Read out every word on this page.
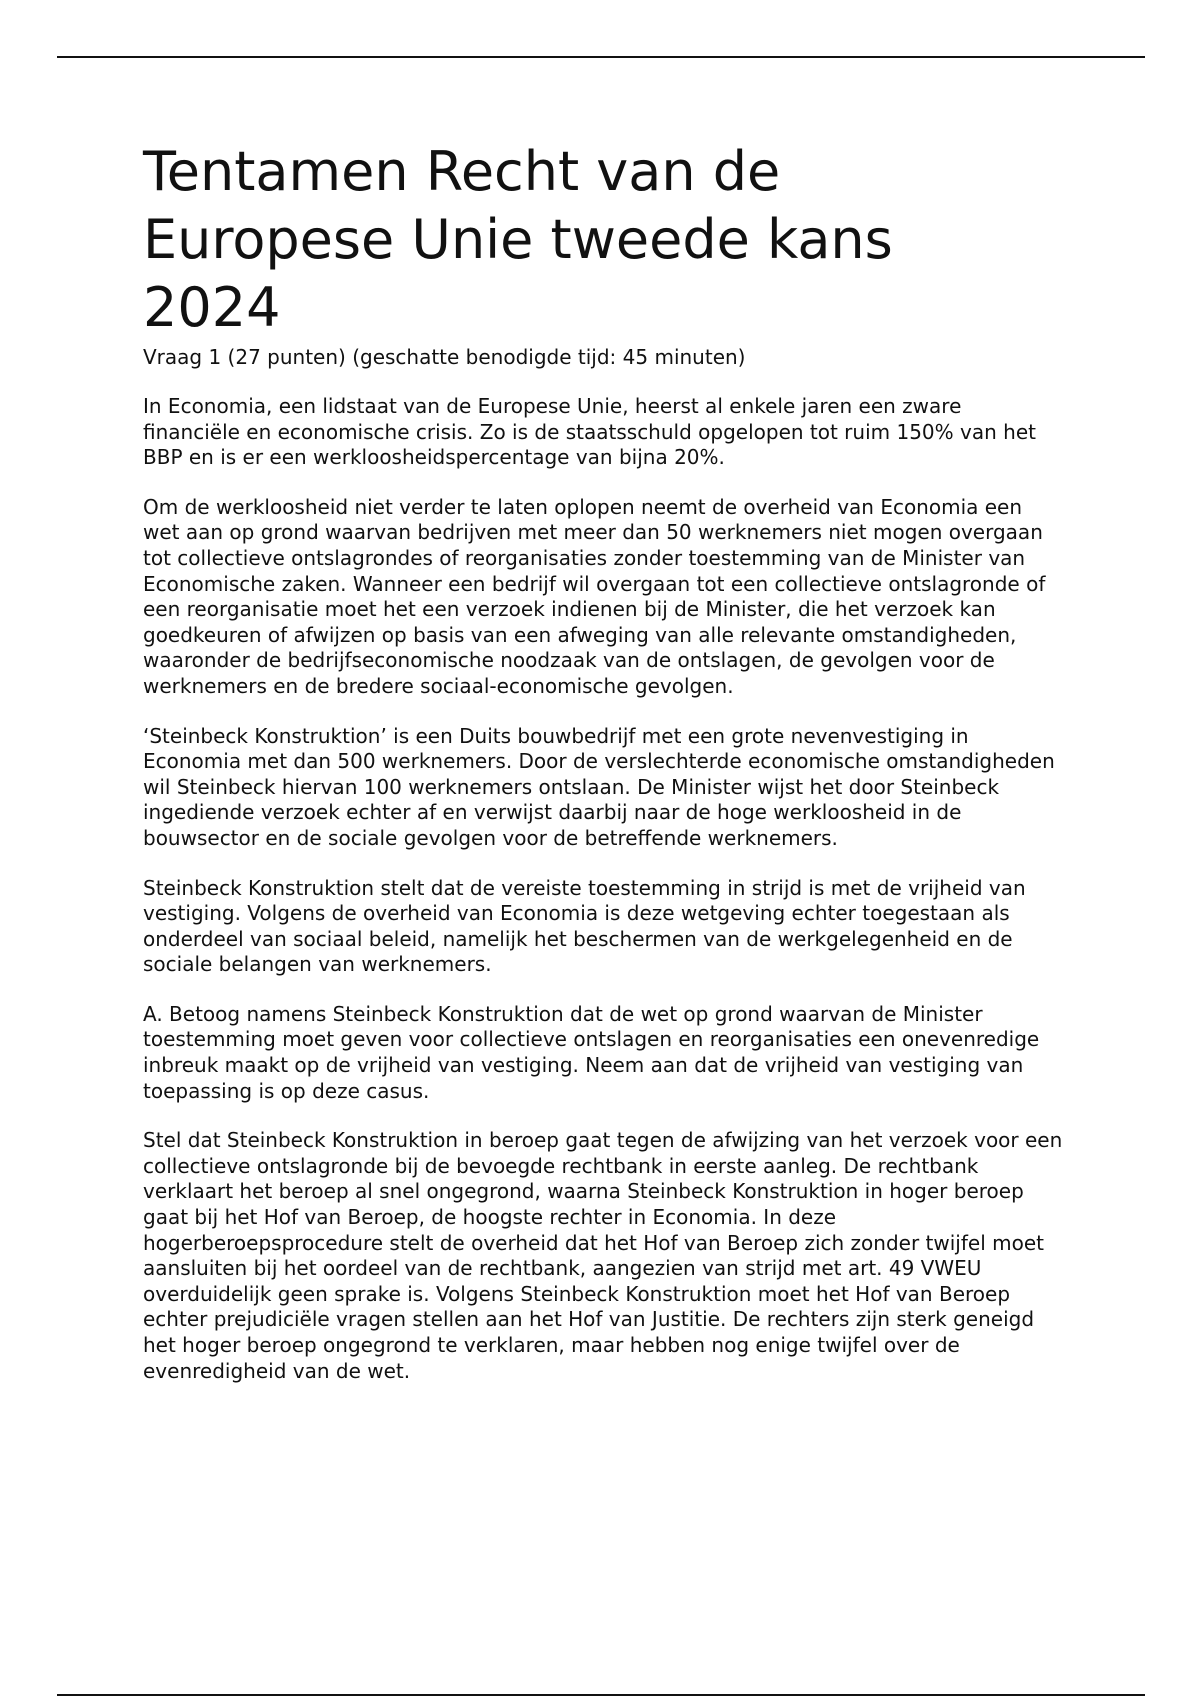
Tentamen Recht van de Europese Unie tweede kans 2024

Vraag 1 (27 punten) (geschatte benodigde tijd: 45 minuten)

In Economia, een lidstaat van de Europese Unie, heerst al enkele jaren een zware financiële en economische crisis. Zo is de staatsschuld opgelopen tot ruim 150% van het BBP en is er een werkloosheidspercentage van bijna 20%.

Om de werkloosheid niet verder te laten oplopen neemt de overheid van Economia een wet aan op grond waarvan bedrijven met meer dan 50 werknemers niet mogen overgaan tot collectieve ontslagrondes of reorganisaties zonder toestemming van de Minister van Economische zaken. Wanneer een bedrijf wil overgaan tot een collectieve ontslagronde of een reorganisatie moet het een verzoek indienen bij de Minister, die het verzoek kan goedkeuren of afwijzen op basis van een afweging van alle relevante omstandigheden, waaronder de bedrijfseconomische noodzaak van de ontslagen, de gevolgen voor de werknemers en de bredere sociaal-economische gevolgen.

‘Steinbeck Konstruktion’ is een Duits bouwbedrijf met een grote nevenvestiging in Economia met dan 500 werknemers. Door de verslechterde economische omstandigheden wil Steinbeck hiervan 100 werknemers ontslaan. De Minister wijst het door Steinbeck ingediende verzoek echter af en verwijst daarbij naar de hoge werkloosheid in de bouwsector en de sociale gevolgen voor de betreffende werknemers.

Steinbeck Konstruktion stelt dat de vereiste toestemming in strijd is met de vrijheid van vestiging. Volgens de overheid van Economia is deze wetgeving echter toegestaan als onderdeel van sociaal beleid, namelijk het beschermen van de werkgelegenheid en de sociale belangen van werknemers.

A. Betoog namens Steinbeck Konstruktion dat de wet op grond waarvan de Minister toestemming moet geven voor collectieve ontslagen en reorganisaties een onevenredige inbreuk maakt op de vrijheid van vestiging. Neem aan dat de vrijheid van vestiging van toepassing is op deze casus.

Stel dat Steinbeck Konstruktion in beroep gaat tegen de afwijzing van het verzoek voor een collectieve ontslagronde bij de bevoegde rechtbank in eerste aanleg. De rechtbank verklaart het beroep al snel ongegrond, waarna Steinbeck Konstruktion in hoger beroep gaat bij het Hof van Beroep, de hoogste rechter in Economia. In deze hogerberoepsprocedure stelt de overheid dat het Hof van Beroep zich zonder twijfel moet aansluiten bij het oordeel van de rechtbank, aangezien van strijd met art. 49 VWEU overduidelijk geen sprake is. Volgens Steinbeck Konstruktion moet het Hof van Beroep echter prejudiciële vragen stellen aan het Hof van Justitie. De rechters zijn sterk geneigd het hoger beroep ongegrond te verklaren, maar hebben nog enige twijfel over de evenredigheid van de wet.
